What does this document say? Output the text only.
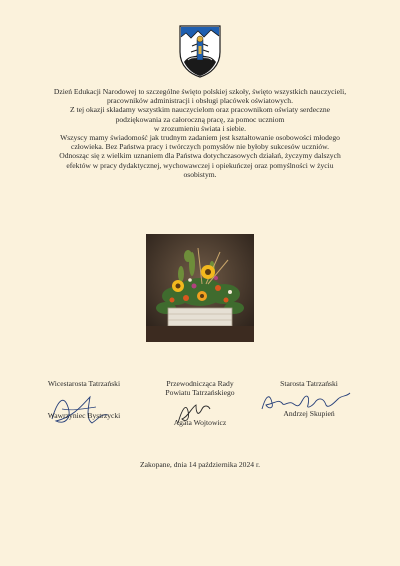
Dzień Edukacji Narodowej to szczególne święto polskiej szkoły, święto wszystkich nauczycieli,

pracowników administracji i obsługi placówek oświatowych.

Z tej okazji składamy wszystkim nauczycielom oraz pracownikom oświaty serdeczne

podziękowania za całoroczną pracę, za pomoc uczniom

w zrozumieniu świata i siebie.

Wszyscy mamy świadomość jak trudnym zadaniem jest kształtowanie osobowości młodego

człowieka. Bez Państwa pracy i twórczych pomysłów nie byłoby sukcesów uczniów.

Odnosząc się z wielkim uznaniem dla Państwa dotychczasowych działań, życzymy dalszych

efektów w pracy dydaktycznej, wychowawczej i opiekuńczej oraz pomyślności w życiu

osobistym.

Wicestarosta Tatrzański
Wawrzyniec Bystrzycki
Przewodnicząca Rady
Powiatu Tatrzańskiego
Agata Wojtowicz
Starosta Tatrzański
Andrzej Skupień
Zakopane, dnia 14 października 2024 r.
